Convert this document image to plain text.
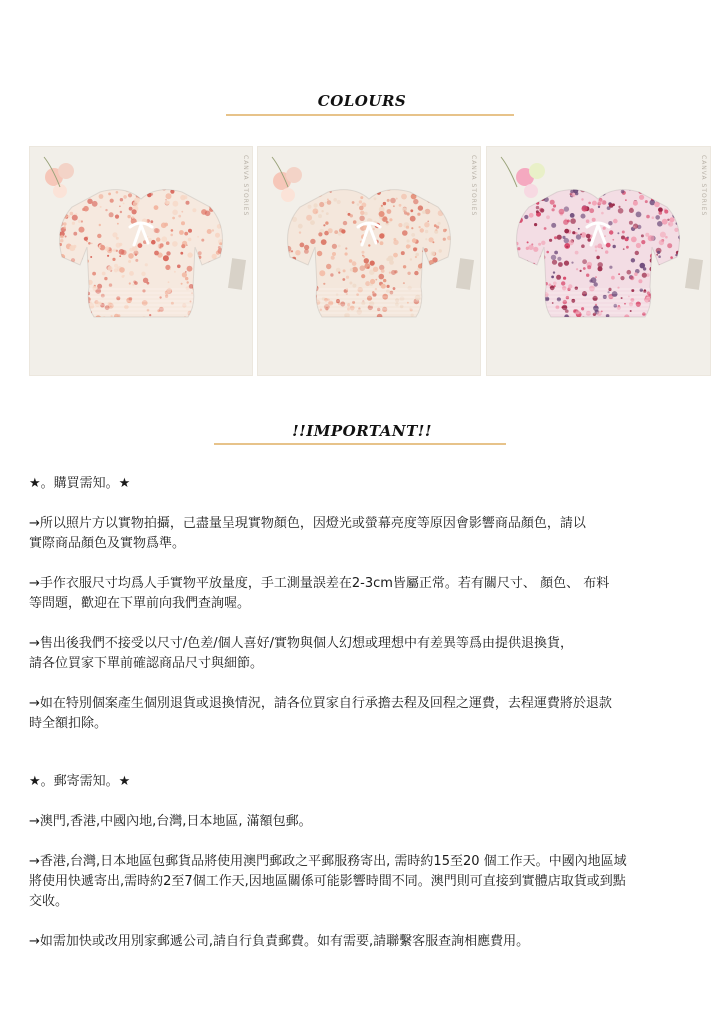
COLOURS
CANVA STORIES	CANVA STORIES	CANVA STORIES
!!IMPORTANT!!

★。購買需知。★

→所以照片方以實物拍攝，己盡量呈現實物顏色，因燈光或螢幕亮度等原因會影響商品顏色，請以

實際商品顏色及實物爲準。

→手作衣服尺寸均爲人手實物平放量度，手工測量誤差在2-3cm皆屬正常。若有關尺寸、 顏色、 布料

等問題，歡迎在下單前向我們查詢喔。

→售出後我們不接受以尺寸/色差/個人喜好/實物與個人幻想或理想中有差異等爲由提供退換貨，

請各位買家下單前確認商品尺寸與細節。

→如在特別個案產生個別退貨或退換情況，請各位買家自行承擔去程及回程之運費，去程運費將於退款

時全額扣除。

★。郵寄需知。★

→澳門,香港,中國內地,台灣,日本地區, 滿額包郵。

→香港,台灣,日本地區包郵貨品將使用澳門郵政之平郵服務寄出, 需時約15至20 個工作天。中國內地區域

將使用快遞寄出,需時約2至7個工作天,因地區關係可能影響時間不同。澳門則可直接到實體店取貨或到點

交收。

→如需加快或改用別家郵遞公司,請自行負責郵費。如有需要,請聯繫客服查詢相應費用。
